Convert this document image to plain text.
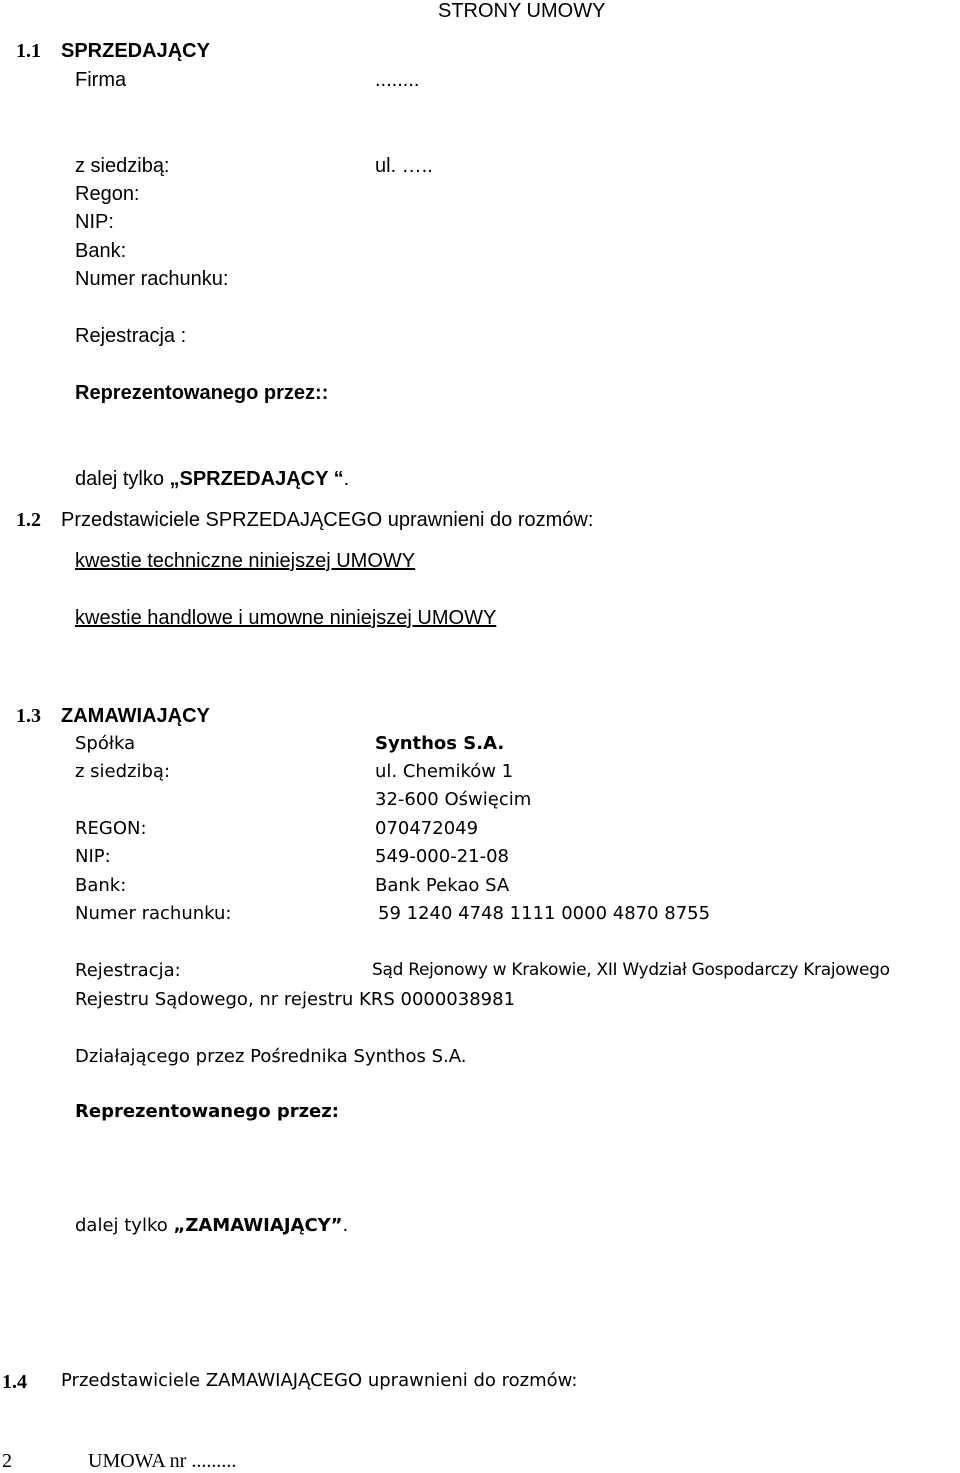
STRONY UMOWY
1.1 SPRZEDAJĄCY
Firma	........
z siedzibą:	ul. …..
Regon:
NIP:
Bank:
Numer rachunku:
Rejestracja :
Reprezentowanego przez::
dalej tylko „SPRZEDAJĄCY “.
1.2 Przedstawiciele SPRZEDAJĄCEGO uprawnieni do rozmów:
kwestie techniczne niniejszej UMOWY
kwestie handlowe i umowne niniejszej UMOWY
1.3 ZAMAWIAJĄCY
Spółka	Synthos S.A.
z siedzibą:	ul. Chemików 1
32-600 Oświęcim
REGON:	070472049
NIP:	549-000-21-08
Bank:	Bank Pekao SA
Numer rachunku:	59 1240 4748 1111 0000 4870 8755
Rejestracja:	Sąd Rejonowy w Krakowie, XII Wydział Gospodarczy Krajowego
Rejestru Sądowego, nr rejestru KRS 0000038981
Działającego przez Pośrednika Synthos S.A.
Reprezentowanego przez:
dalej tylko „ZAMAWIAJĄCY”.
1.4 Przedstawiciele ZAMAWIAJĄCEGO uprawnieni do rozmów:
2	UMOWA nr .........
